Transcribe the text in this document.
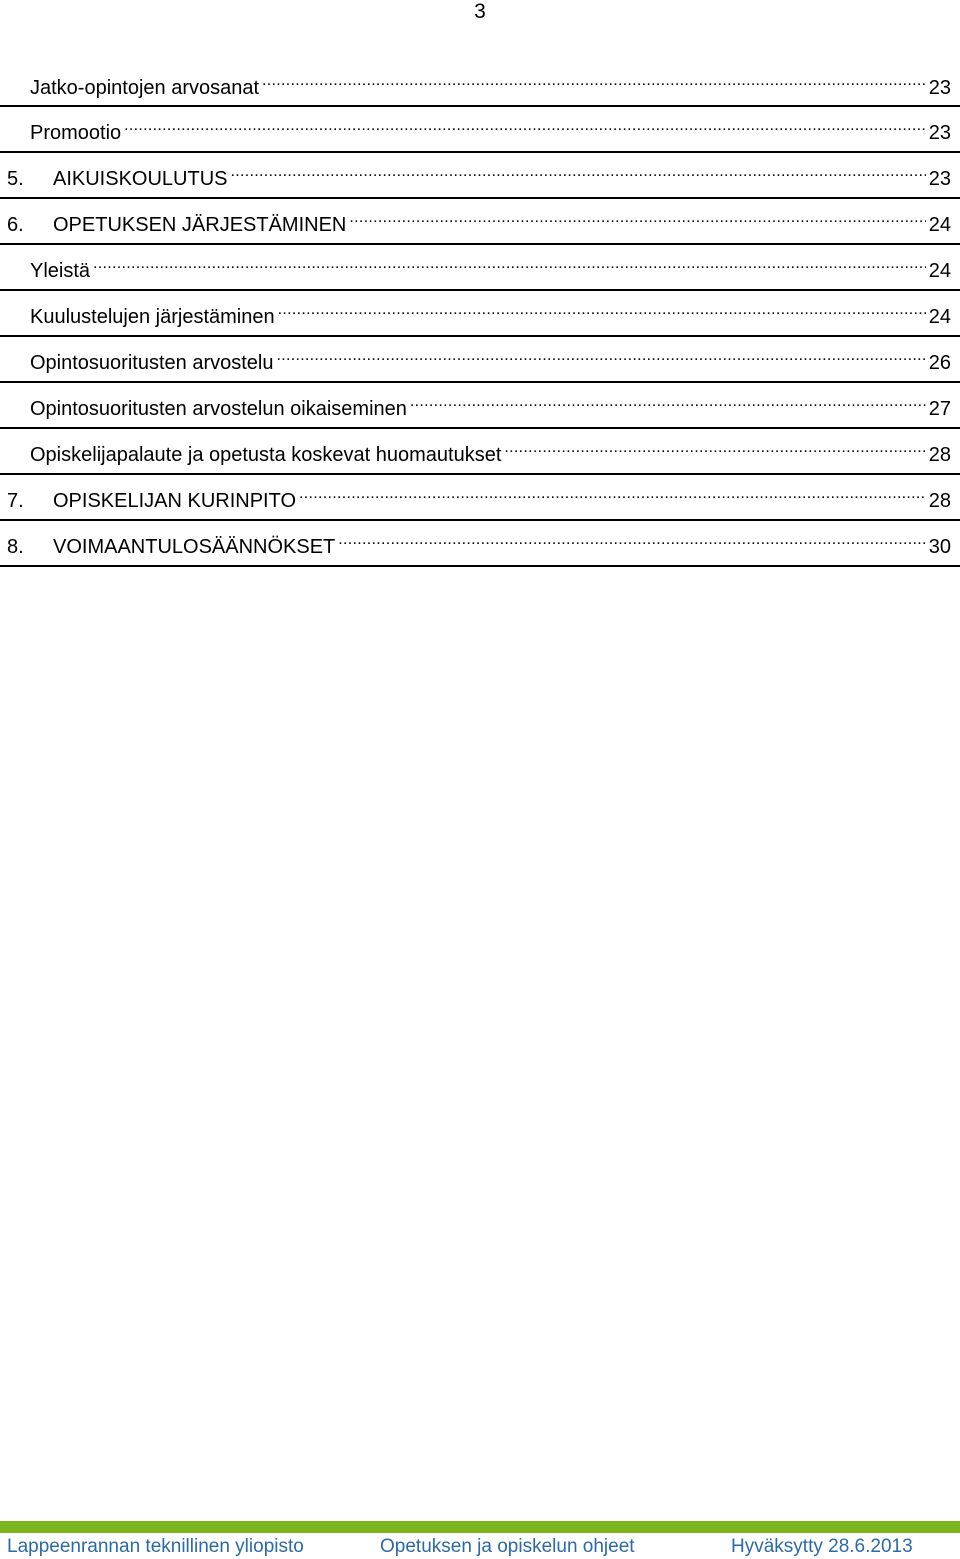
3
Jatko-opintojen arvosanat .....	23
Promootio .....	23
5.	AIKUISKOULUTUS .....	23
6.	OPETUKSEN JÄRJESTÄMINEN .....	24
Yleistä .....	24
Kuulustelujen järjestäminen .....	24
Opintosuoritusten arvostelu .....	26
Opintosuoritusten arvostelun oikaiseminen .....	27
Opiskelijapalaute ja opetusta koskevat huomautukset .....	28
7.	OPISKELIJAN KURINPITO .....	28
8.	VOIMAANTULOSÄÄNNÖKSET .....	30
Lappeenrannan teknillinen yliopisto	Opetuksen ja opiskelun ohjeet	Hyväksytty 28.6.2013
